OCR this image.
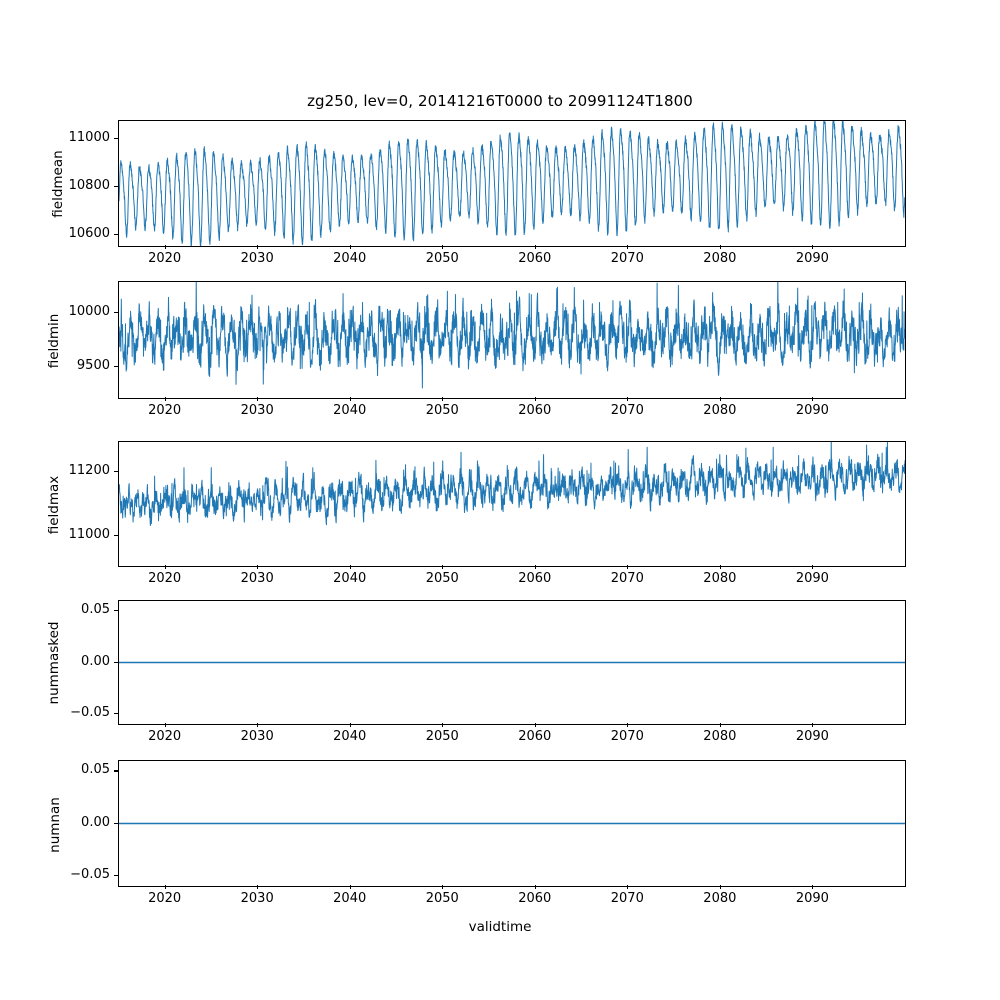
zg250, lev=0, 20141216T0000 to 20991124T1800
fieldmean
fieldmin
fieldmax
nummasked
numnan
validtime
10600
10800
11000
2020	2030	2040	2050	2060	2070	2080	2090
9500
10000
2020	2030	2040	2050	2060	2070	2080	2090
11000
11200
2020	2030	2040	2050	2060	2070	2080	2090
−0.05
0.00
0.05
2020	2030	2040	2050	2060	2070	2080	2090
−0.05
0.00
0.05
2020	2030	2040	2050	2060	2070	2080	2090
